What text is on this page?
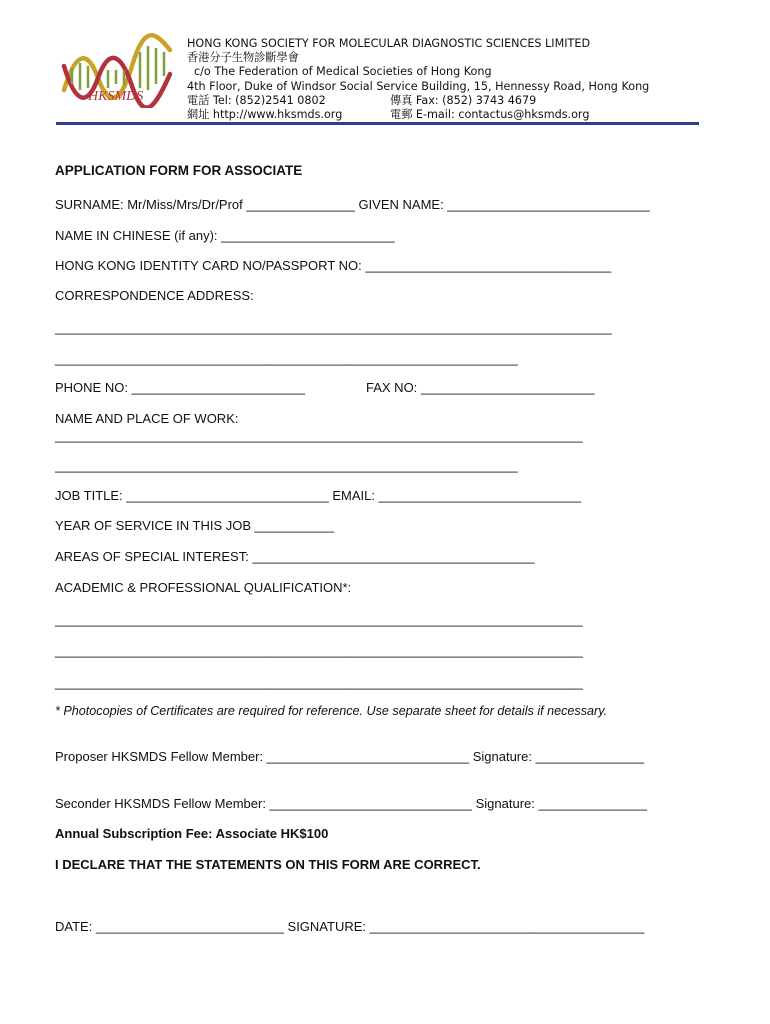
HKSMDS
HONG KONG SOCIETY FOR MOLECULAR DIAGNOSTIC SCIENCES LIMITED
香港分子生物診斷學會
c/o The Federation of Medical Societies of Hong Kong
4th Floor, Duke of Windsor Social Service Building, 15, Hennessy Road, Hong Kong
電話 Tel: (852)2541 0802	傳真 Fax: (852) 3743 4679
網址 http://www.hksmds.org	電郵 E-mail: contactus@hksmds.org
APPLICATION FORM FOR ASSOCIATE
SURNAME: Mr/Miss/Mrs/Dr/Prof _______________ GIVEN NAME: ____________________________
NAME IN CHINESE (if any): ________________________
HONG KONG IDENTITY CARD NO/PASSPORT NO: __________________________________
CORRESPONDENCE ADDRESS:
_____________________________________________________________________________
________________________________________________________________
PHONE NO: ________________________	FAX NO: ________________________
NAME AND PLACE OF WORK:
_________________________________________________________________________
________________________________________________________________
JOB TITLE: ____________________________ EMAIL: ____________________________
YEAR OF SERVICE IN THIS JOB ___________
AREAS OF SPECIAL INTEREST: _______________________________________
ACADEMIC & PROFESSIONAL QUALIFICATION*:
_________________________________________________________________________
_________________________________________________________________________
_________________________________________________________________________
* Photocopies of Certificates are required for reference. Use separate sheet for details if necessary.
Proposer HKSMDS Fellow Member: ____________________________ Signature: _______________
Seconder HKSMDS Fellow Member: ____________________________ Signature: _______________
Annual Subscription Fee: Associate HK$100
I DECLARE THAT THE STATEMENTS ON THIS FORM ARE CORRECT.
DATE: __________________________ SIGNATURE: ______________________________________
